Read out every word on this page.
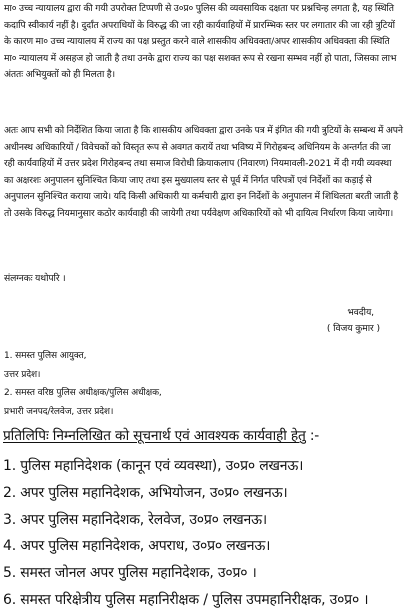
मा० उच्च न्यायालय द्वारा की गयी उपरोक्त टिप्पणी से उ०प्र० पुलिस की व्यवसायिक दक्षता पर प्रश्नचिन्ह लगता है, यह स्थिति कदापि स्वीकार्य नहीं है। दुर्दांत अपराधियों के विरुद्ध की जा रही कार्यवाहियों में प्रारम्भिक स्तर पर लगातार की जा रही त्रुटियों के कारण मा० उच्च न्यायालय में राज्य का पक्ष प्रस्तुत करने वाले शासकीय अधिवक्ता/अपर शासकीय अधिवक्ता की स्थिति मा० न्यायालय में असहज हो जाती है तथा उनके द्वारा राज्य का पक्ष सशक्त रूप से रखना सम्भव नहीं हो पाता, जिसका लाभ अंततः अभियुक्तों को ही मिलता है।
अतः आप सभी को निर्देशित किया जाता है कि शासकीय अधिवक्ता द्वारा उनके पत्र में इंगित की गयी त्रुटियों के सम्बन्ध में अपने अधीनस्थ अधिकारियों / विवेचकों को विस्तृत रूप से अवगत करायें तथा भविष्य में गिरोहबन्द अधिनियम के अन्तर्गत की जा रही कार्यवाहियों में उत्तर प्रदेश गिरोहबन्द तथा समाज विरोधी क्रियाकलाप (निवारण) नियमावली-2021 में दी गयी व्यवस्था का अक्षरशः अनुपालन सुनिश्चित किया जाए तथा इस मुख्यालय स्तर से पूर्व में निर्गत परिपत्रों एवं निर्देशों का कड़ाई से अनुपालन सुनिश्चित कराया जाये। यदि किसी अधिकारी या कर्मचारी द्वारा इन निर्देशों के अनुपालन में शिथिलता बरती जाती है तो उसके विरुद्ध नियमानुसार कठोर कार्यवाही की जायेगी तथा पर्यवेक्षण अधिकारियों को भी दायित्व निर्धारण किया जायेगा।
संलग्नकः यथोपरि ।
भवदीय,
( विजय कुमार )
1. समस्त पुलिस आयुक्त,
उत्तर प्रदेश।
2. समस्त वरिष्ठ पुलिस अधीक्षक/पुलिस अधीक्षक,
प्रभारी जनपद/रेलवेज, उत्तर प्रदेश।
प्रतिलिपिः निम्नलिखित को सूचनार्थ एवं आवश्यक कार्यवाही हेतु :-
1. पुलिस महानिदेशक (कानून एवं व्यवस्था), उ०प्र० लखनऊ।
2. अपर पुलिस महानिदेशक, अभियोजन, उ०प्र० लखनऊ।
3. अपर पुलिस महानिदेशक, रेलवेज, उ०प्र० लखनऊ।
4. अपर पुलिस महानिदेशक, अपराध, उ०प्र० लखनऊ।
5. समस्त जोनल अपर पुलिस महानिदेशक, उ०प्र० ।
6. समस्त परिक्षेत्रीय पुलिस महानिरीक्षक / पुलिस उपमहानिरीक्षक, उ०प्र० ।
